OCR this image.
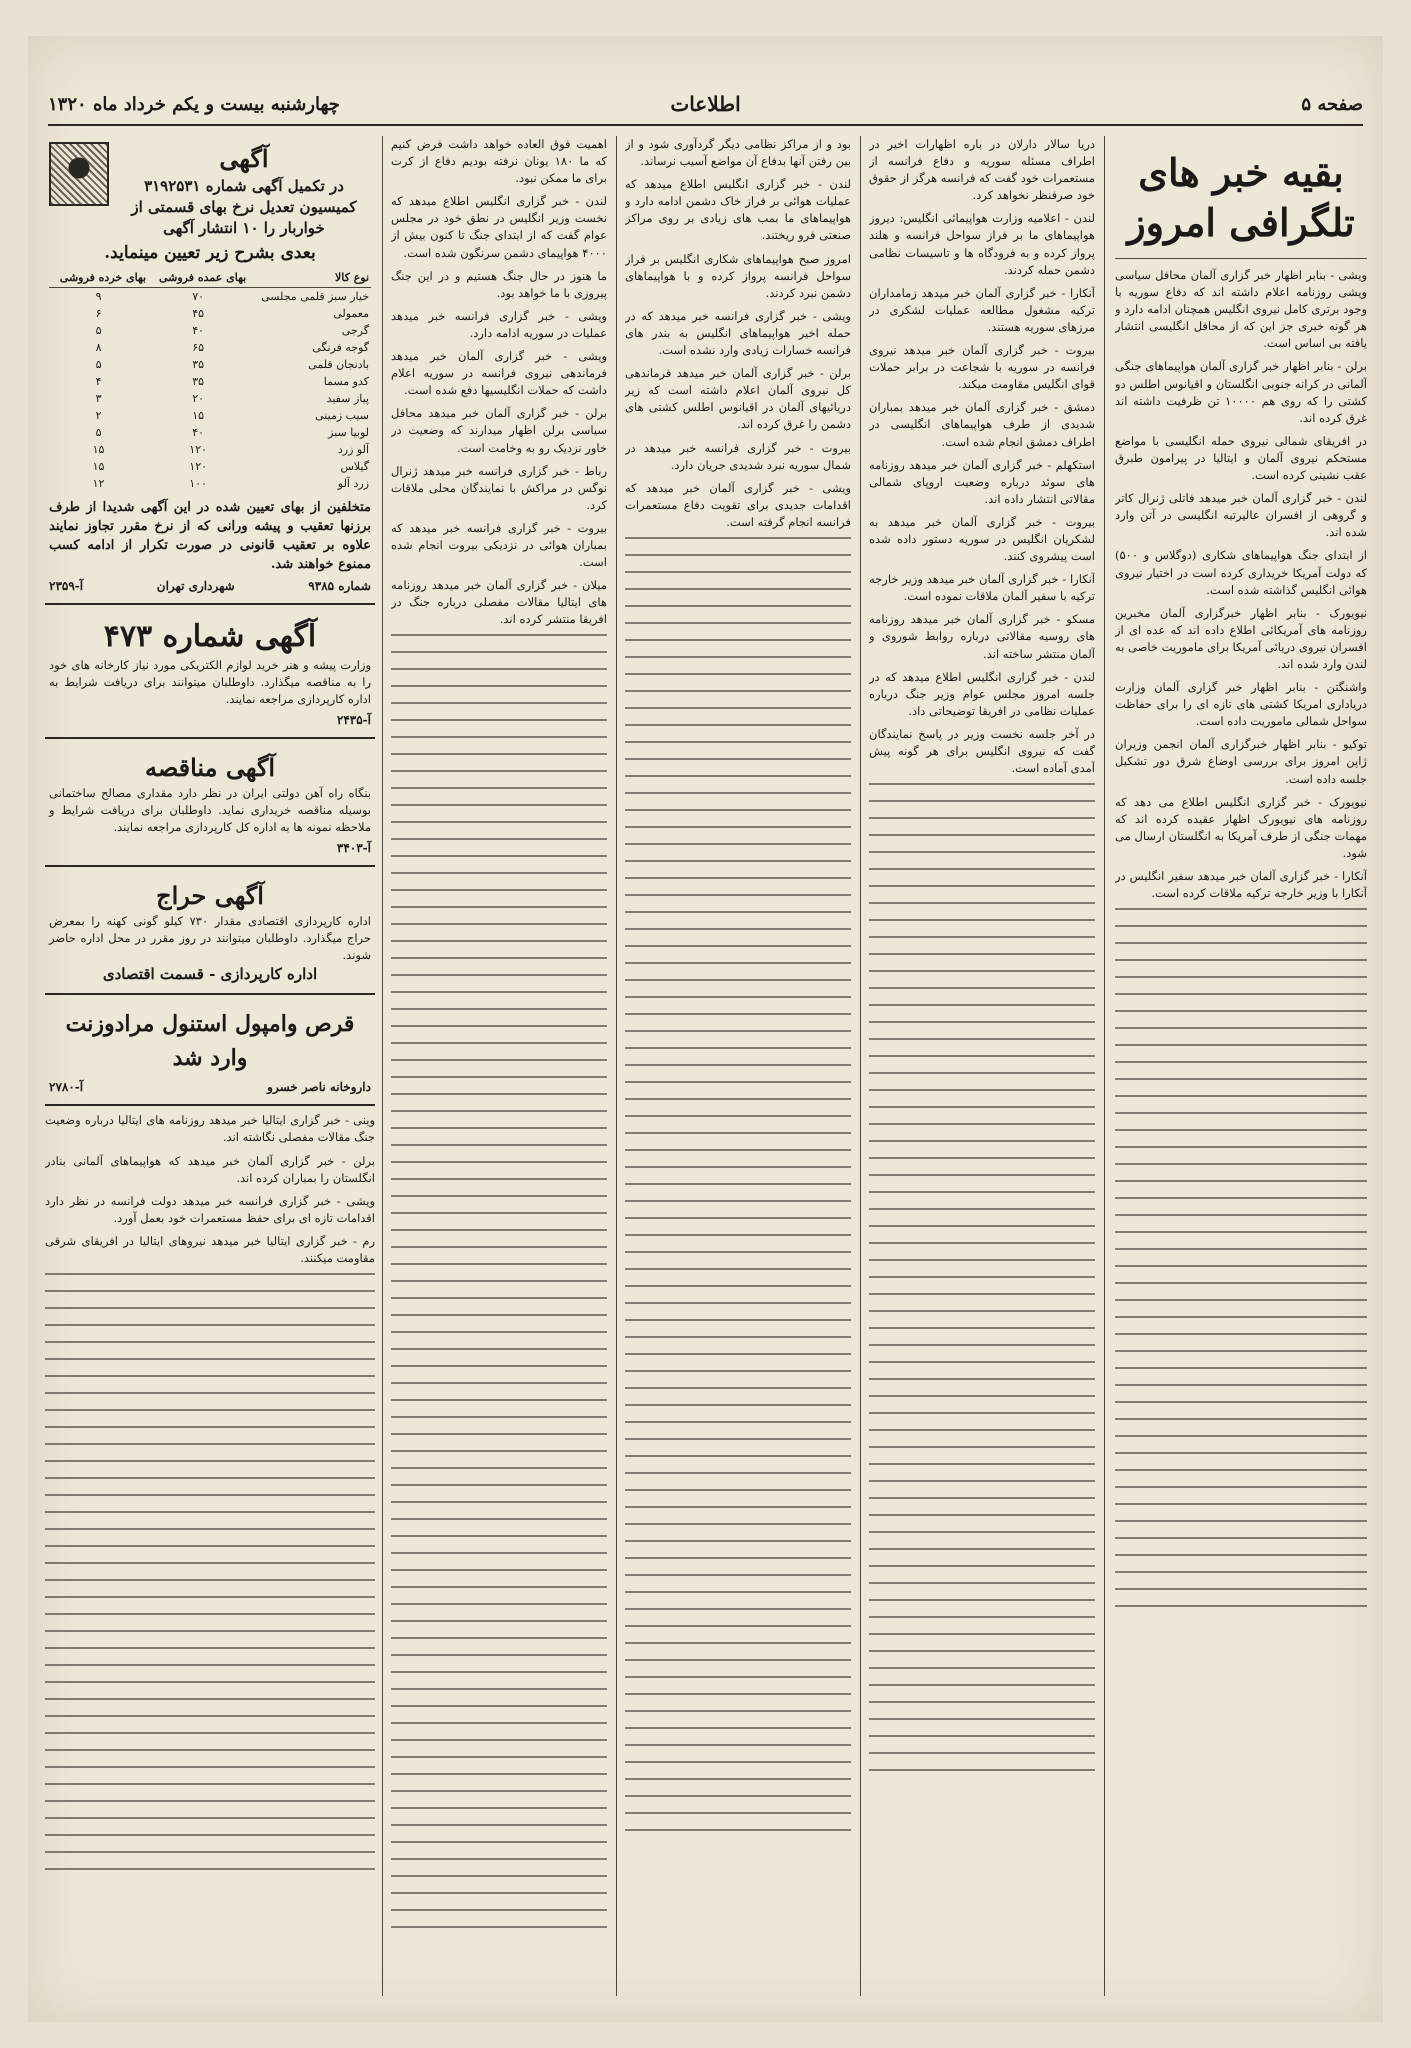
صفحه ۵
اطلاعات
چهارشنبه بیست و یکم خرداد ماه ۱۳۲۰
بقیه خبر های تلگرافی امروز

ویشی - بنابر اظهار خبر گزاری آلمان محافل سیاسی ویشی روزنامه اعلام داشته اند که دفاع سوریه با وجود برتری کامل نیروی انگلیس همچنان ادامه دارد و هر گونه خبری جز این که از محافل انگلیسی انتشار یافته بی اساس است.

برلن - بنابر اظهار خبر گزاری آلمان هواپیماهای جنگی آلمانی در کرانه جنوبی انگلستان و اقیانوس اطلس دو کشتی را که روی هم ۱۰۰۰۰ تن ظرفیت داشته اند غرق کرده اند.

در افریقای شمالی نیروی حمله انگلیسی با مواضع مستحکم نیروی آلمان و ایتالیا در پیرامون طبرق عقب نشینی کرده است.

لندن - خبر گزاری آلمان خبر میدهد فاتلی ژنرال کاتر و گروهی از افسران عالیرتبه انگلیسی در آتن وارد شده اند.

از ابتدای جنگ هواپیماهای شکاری (دوگلاس و ۵۰۰) که دولت آمریکا خریداری کرده است در اختیار نیروی هوائی انگلیس گذاشته شده است.

نیویورک - بنابر اظهار خبرگزاری آلمان مخبرین روزنامه های آمریکائی اطلاع داده اند که عده ای از افسران نیروی دریائی آمریکا برای ماموریت خاصی به لندن وارد شده اند.

واشنگتن - بنابر اظهار خبر گزاری آلمان وزارت دریاداری امریکا کشتی های تازه ای را برای حفاظت سواحل شمالی ماموریت داده است.

توکیو - بنابر اظهار خبرگزاری آلمان انجمن وزیران ژاپن امروز برای بررسی اوضاع شرق دور تشکیل جلسه داده است.

نیویورک - خبر گزاری انگلیس اطلاع می دهد که روزنامه های نیویورک اظهار عقیده کرده اند که مهمات جنگی از طرف آمریکا به انگلستان ارسال می شود.

آنکارا - خبر گزاری آلمان خبر میدهد سفیر انگلیس در آنکارا با وزیر خارجه ترکیه ملاقات کرده است.

دریا سالار دارلان در باره اظهارات اخیر در اطراف مسئله سوریه و دفاع فرانسه از مستعمرات خود گفت که فرانسه هرگز از حقوق خود صرفنظر نخواهد کرد.

لندن - اعلامیه وزارت هواپیمائی انگلیس: دیروز هواپیماهای ما بر فراز سواحل فرانسه و هلند پرواز کرده و به فرودگاه ها و تاسیسات نظامی دشمن حمله کردند.

آنکارا - خبر گزاری آلمان خبر میدهد زمامداران ترکیه مشغول مطالعه عملیات لشکری در مرزهای سوریه هستند.

بیروت - خبر گزاری آلمان خبر میدهد نیروی فرانسه در سوریه با شجاعت در برابر حملات قوای انگلیس مقاومت میکند.

دمشق - خبر گزاری آلمان خبر میدهد بمباران شدیدی از طرف هواپیماهای انگلیسی در اطراف دمشق انجام شده است.

استکهلم - خبر گزاری آلمان خبر میدهد روزنامه های سوئد درباره وضعیت اروپای شمالی مقالاتی انتشار داده اند.

بیروت - خبر گزاری آلمان خبر میدهد به لشکریان انگلیس در سوریه دستور داده شده است پیشروی کنند.

آنکارا - خبر گزاری آلمان خبر میدهد وزیر خارجه ترکیه با سفیر آلمان ملاقات نموده است.

مسکو - خبر گزاری آلمان خبر میدهد روزنامه های روسیه مقالاتی درباره روابط شوروی و آلمان منتشر ساخته اند.

لندن - خبر گزاری انگلیس اطلاع میدهد که در جلسه امروز مجلس عوام وزیر جنگ درباره عملیات نظامی در افریقا توضیحاتی داد.

در آخر جلسه نخست وزیر در پاسخ نمایندگان گفت که نیروی انگلیس برای هر گونه پیش آمدی آماده است.

بود و از مراکز نظامی دیگر گردآوری شود و از بین رفتن آنها بدفاع آن مواضع آسیب نرساند.

لندن - خبر گزاری انگلیس اطلاع میدهد که عملیات هوائی بر فراز خاک دشمن ادامه دارد و هواپیماهای ما بمب های زیادی بر روی مراکز صنعتی فرو ریختند.

امروز صبح هواپیماهای شکاری انگلیس بر فراز سواحل فرانسه پرواز کرده و با هواپیماهای دشمن نبرد کردند.

ویشی - خبر گزاری فرانسه خبر میدهد که در حمله اخیر هواپیماهای انگلیس به بندر های فرانسه خسارات زیادی وارد نشده است.

برلن - خبر گزاری آلمان خبر میدهد فرماندهی کل نیروی آلمان اعلام داشته است که زیر دریائیهای آلمان در اقیانوس اطلس کشتی های دشمن را غرق کرده اند.

بیروت - خبر گزاری فرانسه خبر میدهد در شمال سوریه نبرد شدیدی جریان دارد.

ویشی - خبر گزاری آلمان خبر میدهد که اقدامات جدیدی برای تقویت دفاع مستعمرات فرانسه انجام گرفته است.

اهمیت فوق العاده خواهد داشت فرض کنیم که ما ۱۸۰ یونان نرفته بودیم دفاع از کرت برای ما ممکن نبود.

لندن - خبر گزاری انگلیس اطلاع میدهد که نخست وزیر انگلیس در نطق خود در مجلس عوام گفت که از ابتدای جنگ تا کنون بیش از ۴۰۰۰ هواپیمای دشمن سرنگون شده است.

ما هنوز در حال جنگ هستیم و در این جنگ پیروزی با ما خواهد بود.

ویشی - خبر گزاری فرانسه خبر میدهد عملیات در سوریه ادامه دارد.

ویشی - خبر گزاری آلمان خبر میدهد فرماندهی نیروی فرانسه در سوریه اعلام داشت که حملات انگلیسیها دفع شده است.

برلن - خبر گزاری آلمان خبر میدهد محافل سیاسی برلن اظهار میدارند که وضعیت در خاور نزدیک رو به وخامت است.

رباط - خبر گزاری فرانسه خبر میدهد ژنرال نوگس در مراکش با نمایندگان محلی ملاقات کرد.

بیروت - خبر گزاری فرانسه خبر میدهد که بمباران هوائی در نزدیکی بیروت انجام شده است.

میلان - خبر گزاری آلمان خبر میدهد روزنامه های ایتالیا مقالات مفصلی درباره جنگ در افریقا منتشر کرده اند.

آگهی
در تکمیل آگهی شماره ۳۱۹۲۵۳۱ کمیسیون تعدیل نرخ بهای قسمتی از خواربار را ۱۰ انتشار آگهی
بعدی بشرح زیر تعیین مینماید.
نوع کالا	بهای عمده فروشی	بهای خرده فروشی
خیار سبز قلمی مجلسی	۷۰	۹
معمولی	۴۵	۶
گرجی	۴۰	۵
گوجه فرنگی	۶۵	۸
بادنجان قلمی	۳۵	۵
کدو مسما	۳۵	۴
پیاز سفید	۲۰	۳
سیب زمینی	۱۵	۲
لوبیا سبز	۴۰	۵
آلو زرد	۱۲۰	۱۵
گیلاس	۱۲۰	۱۵
زرد آلو	۱۰۰	۱۲
متخلفین از بهای تعیین شده در این آگهی شدیدا از طرف برزنها تعقیب و پیشه ورانی که از نرخ مقرر تجاوز نمایند علاوه بر تعقیب قانونی در صورت تکرار از ادامه کسب ممنوع خواهند شد.
شماره ۹۳۸۵
شهرداری تهران
آ-۲۳۵۹
آگهی شماره ۴۷۳
وزارت پیشه و هنر خرید لوازم الکتریکی مورد نیاز کارخانه های خود را به مناقصه میگذارد. داوطلبان میتوانند برای دریافت شرایط به اداره کارپردازی مراجعه نمایند.
آ-۲۴۳۵
آگهی مناقصه
بنگاه راه آهن دولتی ایران در نظر دارد مقداری مصالح ساختمانی بوسیله مناقصه خریداری نماید. داوطلبان برای دریافت شرایط و ملاحظه نمونه ها به اداره کل کارپردازی مراجعه نمایند.
آ-۳۴۰۳
آگهی حراج
اداره کارپردازی اقتصادی مقدار ۷۳۰ کیلو گونی کهنه را بمعرض حراج میگذارد. داوطلبان میتوانند در روز مقرر در محل اداره حاضر شوند.
اداره کارپردازی - قسمت اقتصادی
قرص وامپول استنول مرادوزنت وارد شد
داروخانه ناصر خسرو
آ-۲۷۸۰

وینی - خبر گزاری ایتالیا خبر میدهد روزنامه های ایتالیا درباره وضعیت جنگ مقالات مفصلی نگاشته اند.

برلن - خبر گزاری آلمان خبر میدهد که هواپیماهای آلمانی بنادر انگلستان را بمباران کرده اند.

ویشی - خبر گزاری فرانسه خبر میدهد دولت فرانسه در نظر دارد اقدامات تازه ای برای حفظ مستعمرات خود بعمل آورد.

رم - خبر گزاری ایتالیا خبر میدهد نیروهای ایتالیا در افریقای شرقی مقاومت میکنند.
